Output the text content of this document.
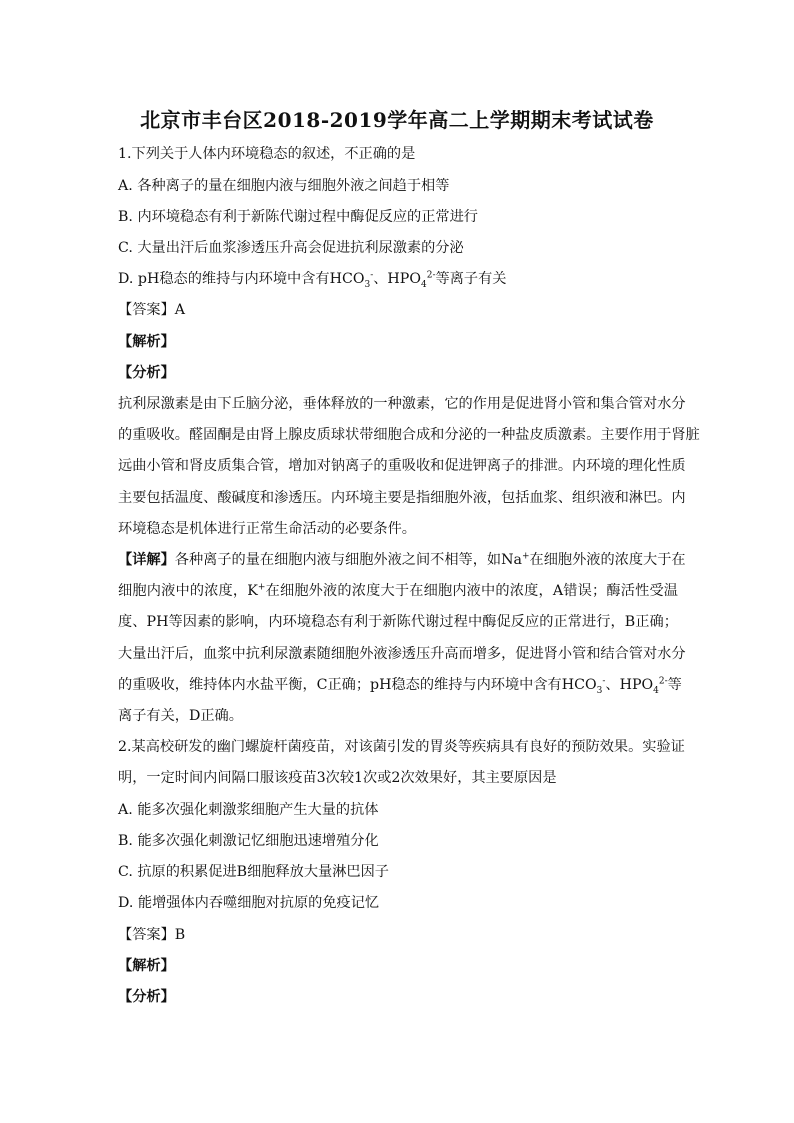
北京市丰台区2018-2019学年高二上学期期末考试试卷
1.下列关于人体内环境稳态的叙述，不正确的是
A. 各种离子的量在细胞内液与细胞外液之间趋于相等
B. 内环境稳态有利于新陈代谢过程中酶促反应的正常进行
C. 大量出汗后血浆渗透压升高会促进抗利尿激素的分泌
D. pH稳态的维持与内环境中含有$HCO_3^-$、$HPO_4^{2-}$等离子有关
【答案】A
【解析】
【分析】
抗利尿激素是由下丘脑分泌，垂体释放的一种激素，它的作用是促进肾小管和集合管对水分
的重吸收。醛固酮是由肾上腺皮质球状带细胞合成和分泌的一种盐皮质激素。主要作用于肾脏
远曲小管和肾皮质集合管，增加对钠离子的重吸收和促进钾离子的排泄。内环境的理化性质
主要包括温度、酸碱度和渗透压。内环境主要是指细胞外液，包括血浆、组织液和淋巴。内
环境稳态是机体进行正常生命活动的必要条件。
【详解】各种离子的量在细胞内液与细胞外液之间不相等，如Na+在细胞外液的浓度大于在
细胞内液中的浓度，K+在细胞外液的浓度大于在细胞内液中的浓度，A错误；酶活性受温
度、PH等因素的影响，内环境稳态有利于新陈代谢过程中酶促反应的正常进行，B正确；
大量出汗后，血浆中抗利尿激素随细胞外液渗透压升高而增多，促进肾小管和结合管对水分
的重吸收，维持体内水盐平衡，C正确；pH稳态的维持与内环境中含有$HCO_3^-$、$HPO_4^{2-}$等
离子有关，D正确。
2.某高校研发的幽门螺旋杆菌疫苗，对该菌引发的胃炎等疾病具有良好的预防效果。实验证
明，一定时间内间隔口服该疫苗3次较1次或2次效果好，其主要原因是
A. 能多次强化刺激浆细胞产生大量的抗体
B. 能多次强化刺激记忆细胞迅速增殖分化
C. 抗原的积累促进B细胞释放大量淋巴因子
D. 能增强体内吞噬细胞对抗原的免疫记忆
【答案】B
【解析】
【分析】
